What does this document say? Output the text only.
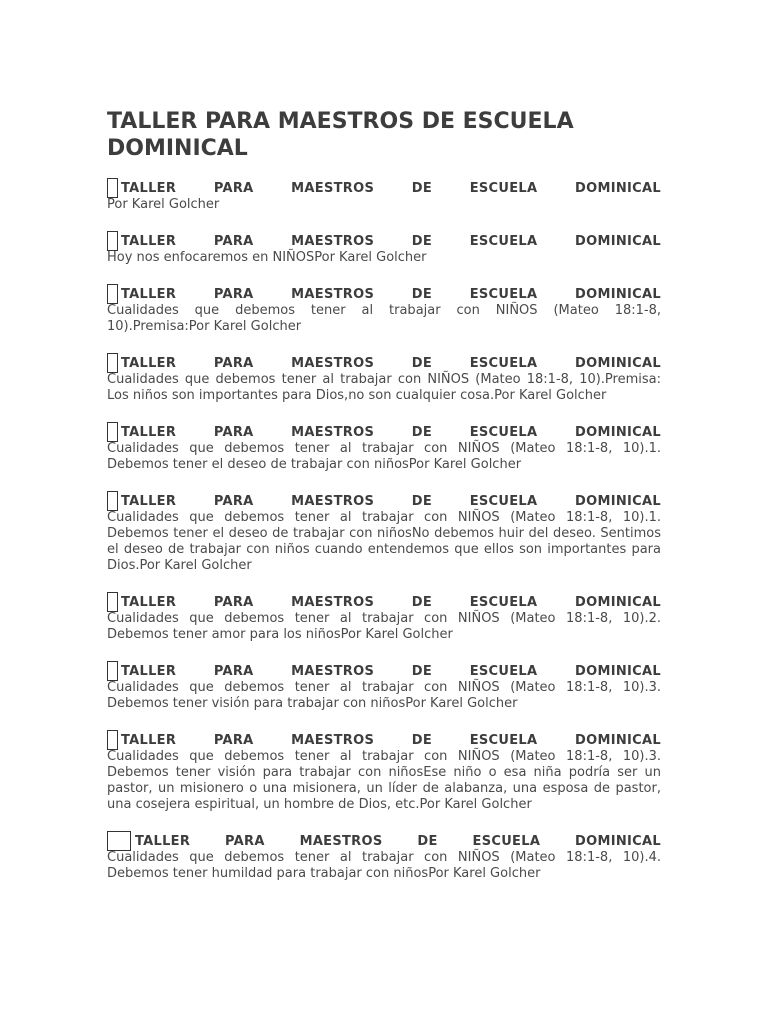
TALLER PARA MAESTROS DE ESCUELA DOMINICAL
TALLER	PARA	MAESTROS	DE	ESCUELA	DOMINICAL
Por Karel Golcher
TALLER	PARA	MAESTROS	DE	ESCUELA	DOMINICAL
Hoy nos enfocaremos en NIÑOSPor Karel Golcher
TALLER	PARA	MAESTROS	DE	ESCUELA	DOMINICAL
Cualidades que debemos tener al trabajar con NIÑOS (Mateo 18:1-8, 10).Premisa:Por Karel Golcher
TALLER	PARA	MAESTROS	DE	ESCUELA	DOMINICAL
Cualidades que debemos tener al trabajar con NIÑOS (Mateo 18:1-8, 10).Premisa: Los niños son importantes para Dios,no son cualquier cosa.Por Karel Golcher
TALLER	PARA	MAESTROS	DE	ESCUELA	DOMINICAL
Cualidades que debemos tener al trabajar con NIÑOS (Mateo 18:1-8, 10).1. Debemos tener el deseo de trabajar con niñosPor Karel Golcher
TALLER	PARA	MAESTROS	DE	ESCUELA	DOMINICAL
Cualidades que debemos tener al trabajar con NIÑOS (Mateo 18:1-8, 10).1. Debemos tener el deseo de trabajar con niñosNo debemos huir del deseo. Sentimos el deseo de trabajar con niños cuando entendemos que ellos son importantes para Dios.Por Karel Golcher
TALLER	PARA	MAESTROS	DE	ESCUELA	DOMINICAL
Cualidades que debemos tener al trabajar con NIÑOS (Mateo 18:1-8, 10).2. Debemos tener amor para los niñosPor Karel Golcher
TALLER	PARA	MAESTROS	DE	ESCUELA	DOMINICAL
Cualidades que debemos tener al trabajar con NIÑOS (Mateo 18:1-8, 10).3. Debemos tener visión para trabajar con niñosPor Karel Golcher
TALLER	PARA	MAESTROS	DE	ESCUELA	DOMINICAL
Cualidades que debemos tener al trabajar con NIÑOS (Mateo 18:1-8, 10).3. Debemos tener visión para trabajar con niñosEse niño o esa niña podría ser un pastor, un misionero o una misionera, un líder de alabanza, una esposa de pastor, una cosejera espiritual, un hombre de Dios, etc.Por Karel Golcher
TALLER	PARA	MAESTROS	DE	ESCUELA	DOMINICAL
Cualidades que debemos tener al trabajar con NIÑOS (Mateo 18:1-8, 10).4. Debemos tener humildad para trabajar con niñosPor Karel Golcher
